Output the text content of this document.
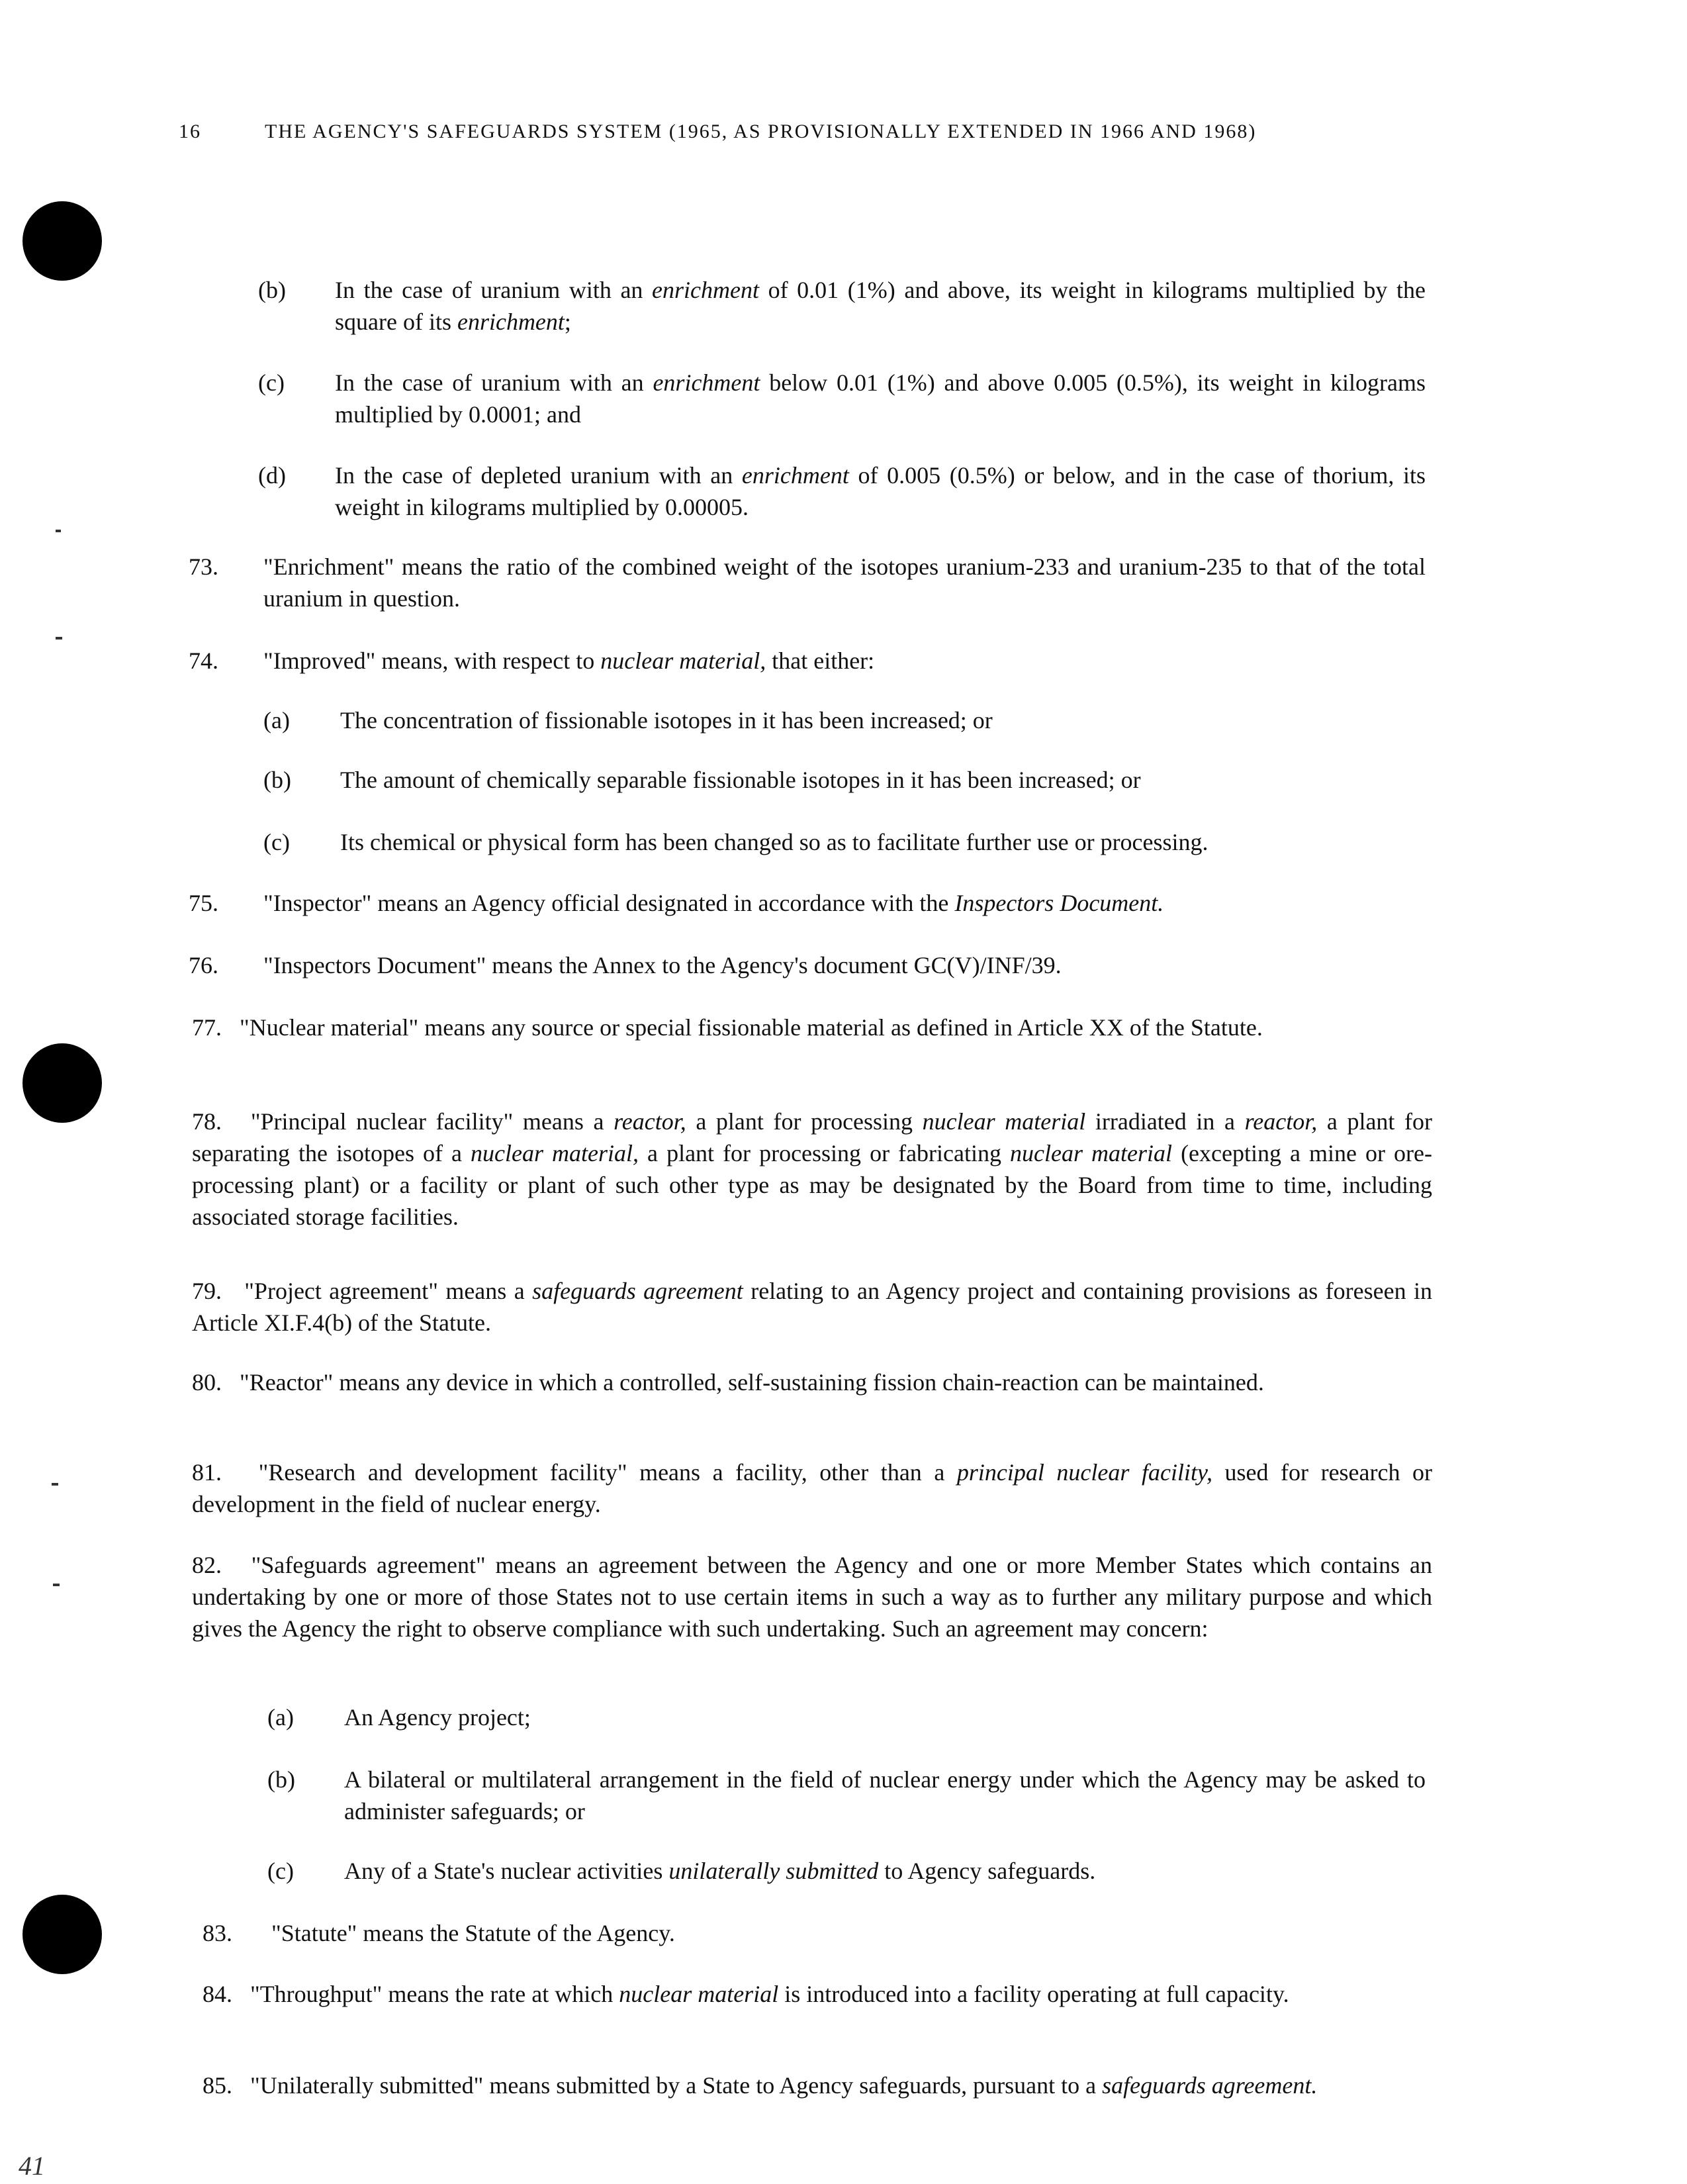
16	THE AGENCY'S SAFEGUARDS SYSTEM (1965, AS PROVISIONALLY EXTENDED IN 1966 AND 1968)
(b) In the case of uranium with an enrichment of 0.01 (1%) and above, its weight in kilograms multiplied by the square of its enrichment;
(c) In the case of uranium with an enrichment below 0.01 (1%) and above 0.005 (0.5%), its weight in kilograms multiplied by 0.0001; and
(d) In the case of depleted uranium with an enrichment of 0.005 (0.5%) or below, and in the case of thorium, its weight in kilograms multiplied by 0.00005.
73. "Enrichment" means the ratio of the combined weight of the isotopes uranium-233 and uranium-235 to that of the total uranium in question.
74. "Improved" means, with respect to nuclear material, that either:
(a) The concentration of fissionable isotopes in it has been increased; or
(b) The amount of chemically separable fissionable isotopes in it has been increased; or
(c) Its chemical or physical form has been changed so as to facilitate further use or processing.
75. "Inspector" means an Agency official designated in accordance with the Inspectors Document.
76. "Inspectors Document" means the Annex to the Agency's document GC(V)/INF/39.
77. "Nuclear material" means any source or special fissionable material as defined in Article XX of the Statute.
78. "Principal nuclear facility" means a reactor, a plant for processing nuclear material irradiated in a reactor, a plant for separating the isotopes of a nuclear material, a plant for processing or fabricating nuclear material (excepting a mine or ore-processing plant) or a facility or plant of such other type as may be designated by the Board from time to time, including associated storage facilities.
79. "Project agreement" means a safeguards agreement relating to an Agency project and containing provisions as foreseen in Article XI.F.4(b) of the Statute.
80. "Reactor" means any device in which a controlled, self-sustaining fission chain-reaction can be maintained.
81. "Research and development facility" means a facility, other than a principal nuclear facility, used for research or development in the field of nuclear energy.
82. "Safeguards agreement" means an agreement between the Agency and one or more Member States which contains an undertaking by one or more of those States not to use certain items in such a way as to further any military purpose and which gives the Agency the right to observe compliance with such undertaking. Such an agreement may concern:
(a) An Agency project;
(b) A bilateral or multilateral arrangement in the field of nuclear energy under which the Agency may be asked to administer safeguards; or
(c) Any of a State's nuclear activities unilaterally submitted to Agency safeguards.
83. "Statute" means the Statute of the Agency.
84. "Throughput" means the rate at which nuclear material is introduced into a facility operating at full capacity.
85. "Unilaterally submitted" means submitted by a State to Agency safeguards, pursuant to a safeguards agreement.
41
